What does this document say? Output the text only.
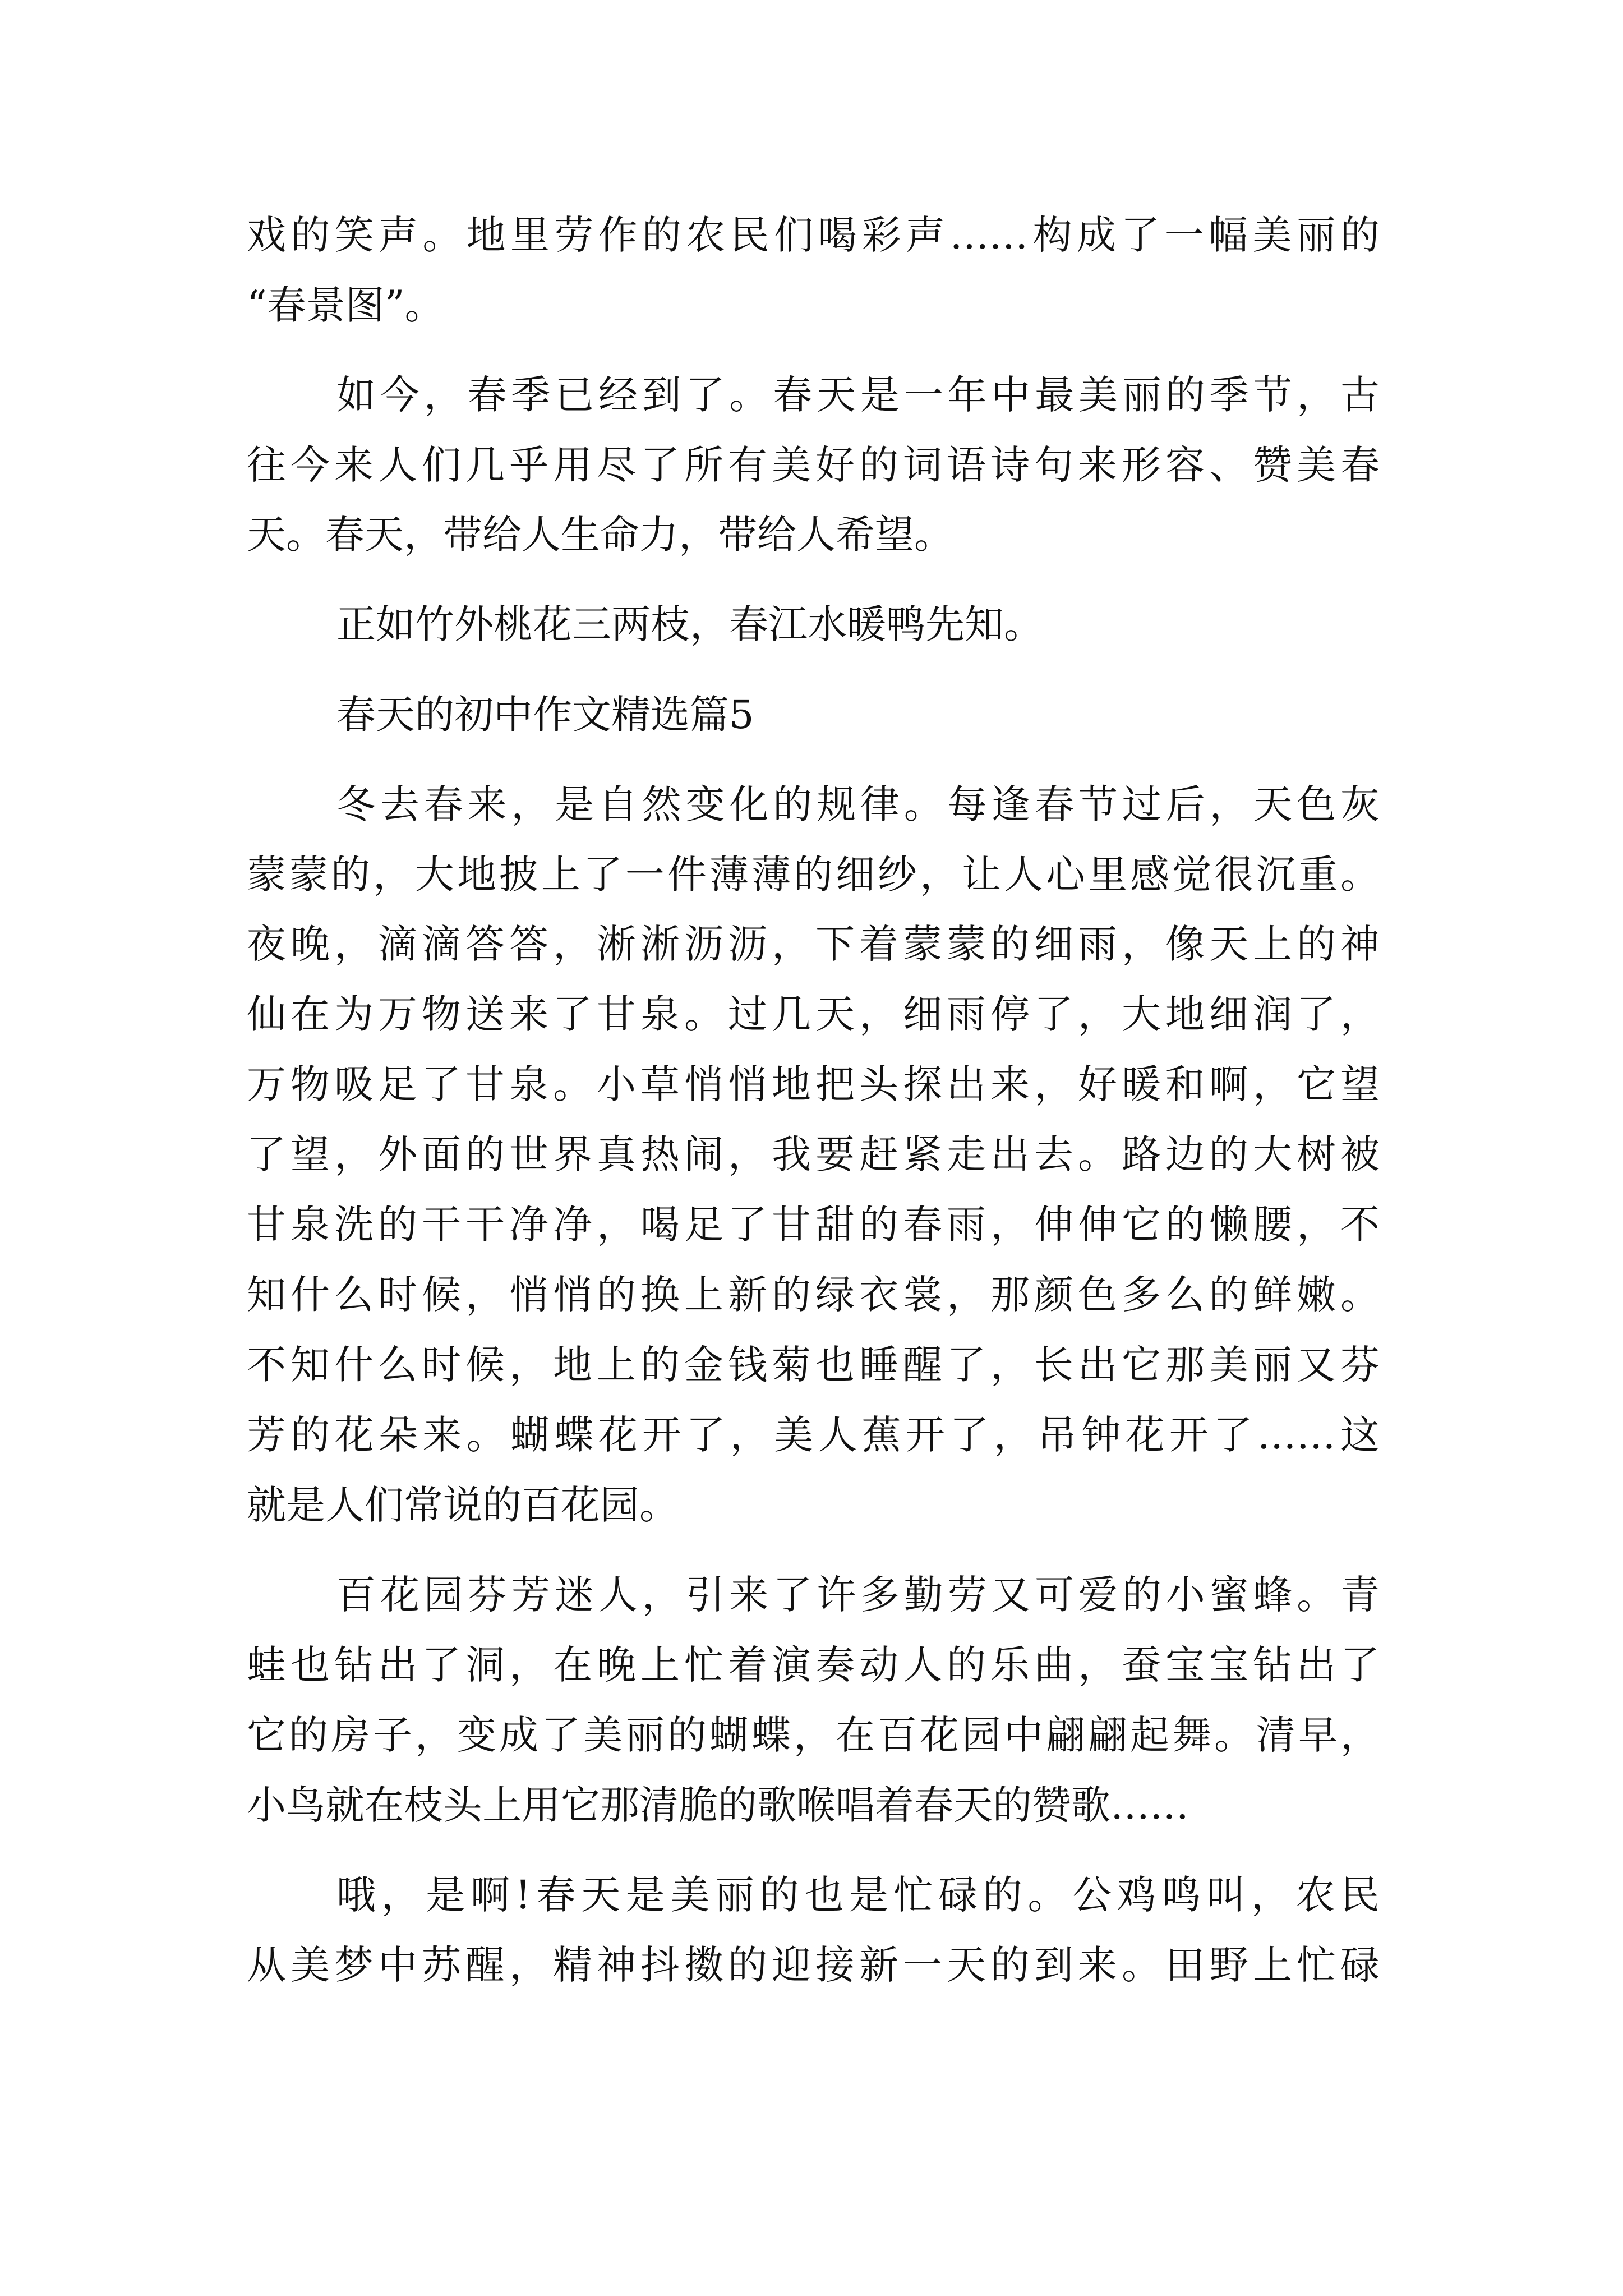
戏的笑声。地里劳作的农民们喝彩声……构成了一幅美丽的
“春景图”。
如今，春季已经到了。春天是一年中最美丽的季节，古
往今来人们几乎用尽了所有美好的词语诗句来形容、赞美春
天。春天，带给人生命力，带给人希望。
正如竹外桃花三两枝，春江水暖鸭先知。
春天的初中作文精选篇5
冬去春来，是自然变化的规律。每逢春节过后，天色灰
蒙蒙的，大地披上了一件薄薄的细纱，让人心里感觉很沉重。
夜晚，滴滴答答，淅淅沥沥，下着蒙蒙的细雨，像天上的神
仙在为万物送来了甘泉。过几天，细雨停了，大地细润了，
万物吸足了甘泉。小草悄悄地把头探出来，好暖和啊，它望
了望，外面的世界真热闹，我要赶紧走出去。路边的大树被
甘泉洗的干干净净，喝足了甘甜的春雨，伸伸它的懒腰，不
知什么时候，悄悄的换上新的绿衣裳，那颜色多么的鲜嫩。
不知什么时候，地上的金钱菊也睡醒了，长出它那美丽又芬
芳的花朵来。蝴蝶花开了，美人蕉开了，吊钟花开了……这
就是人们常说的百花园。
百花园芬芳迷人，引来了许多勤劳又可爱的小蜜蜂。青
蛙也钻出了洞，在晚上忙着演奏动人的乐曲，蚕宝宝钻出了
它的房子，变成了美丽的蝴蝶，在百花园中翩翩起舞。清早，
小鸟就在枝头上用它那清脆的歌喉唱着春天的赞歌……
哦，是啊!春天是美丽的也是忙碌的。公鸡鸣叫，农民
从美梦中苏醒，精神抖擞的迎接新一天的到来。田野上忙碌
